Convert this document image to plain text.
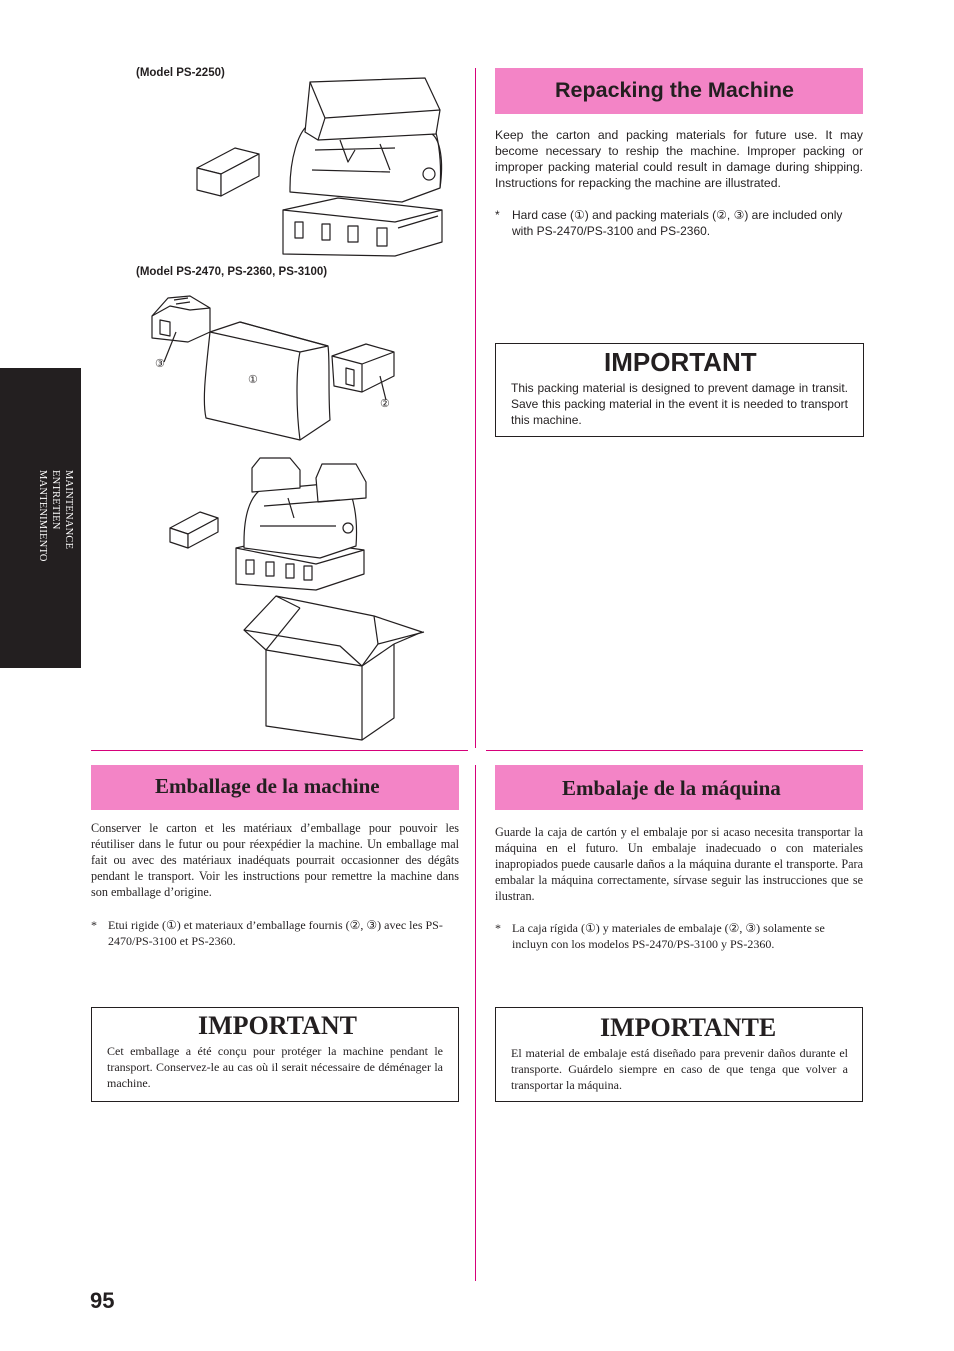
MAINTENANCE
ENTRETIEN
MANTENIMIENTO
(Model PS-2250)
(Model PS-2470, PS-2360, PS-3100)
①
②
③
Repacking the Machine
Keep the carton and packing materials for future use. It may become necessary to reship the machine. Improper packing or improper packing material could result in damage during shipping. Instructions for repacking the machine are illustrated.
* Hard case (①) and packing materials (②, ③) are included only with PS-2470/PS-3100 and PS-2360.
IMPORTANT
This packing material is designed to prevent damage in transit. Save this packing material in the event it is needed to transport this machine.
Emballage de la machine
Conserver le carton et les matériaux d’emballage pour pouvoir les réutiliser dans le futur ou pour réexpédier la machine. Un emballage mal fait ou avec des matériaux inadéquats pourrait occasionner des dégâts pendant le transport. Voir les instructions pour remettre la machine dans son emballage d’origine.
* Etui rigide (①) et materiaux d’emballage fournis (②, ③) avec les PS-2470/PS-3100 et PS-2360.
IMPORTANT
Cet emballage a été conçu pour protéger la machine pendant le transport. Conservez-le au cas où il serait nécessaire de déménager la machine.
Embalaje de la máquina
Guarde la caja de cartón y el embalaje por si acaso necesita transportar la máquina en el futuro. Un embalaje inadecuado o con materiales inapropiados puede causarle daños a la máquina durante el transporte. Para embalar la máquina correctamente, sírvase seguir las instrucciones que se ilustran.
* La caja rígida (①) y materiales de embalaje (②, ③) solamente se incluyn con los modelos PS-2470/PS-3100 y PS-2360.
IMPORTANTE
El material de embalaje está diseñado para prevenir daños durante el transporte. Guárdelo siempre en caso de que tenga que volver a transportar la máquina.
95
